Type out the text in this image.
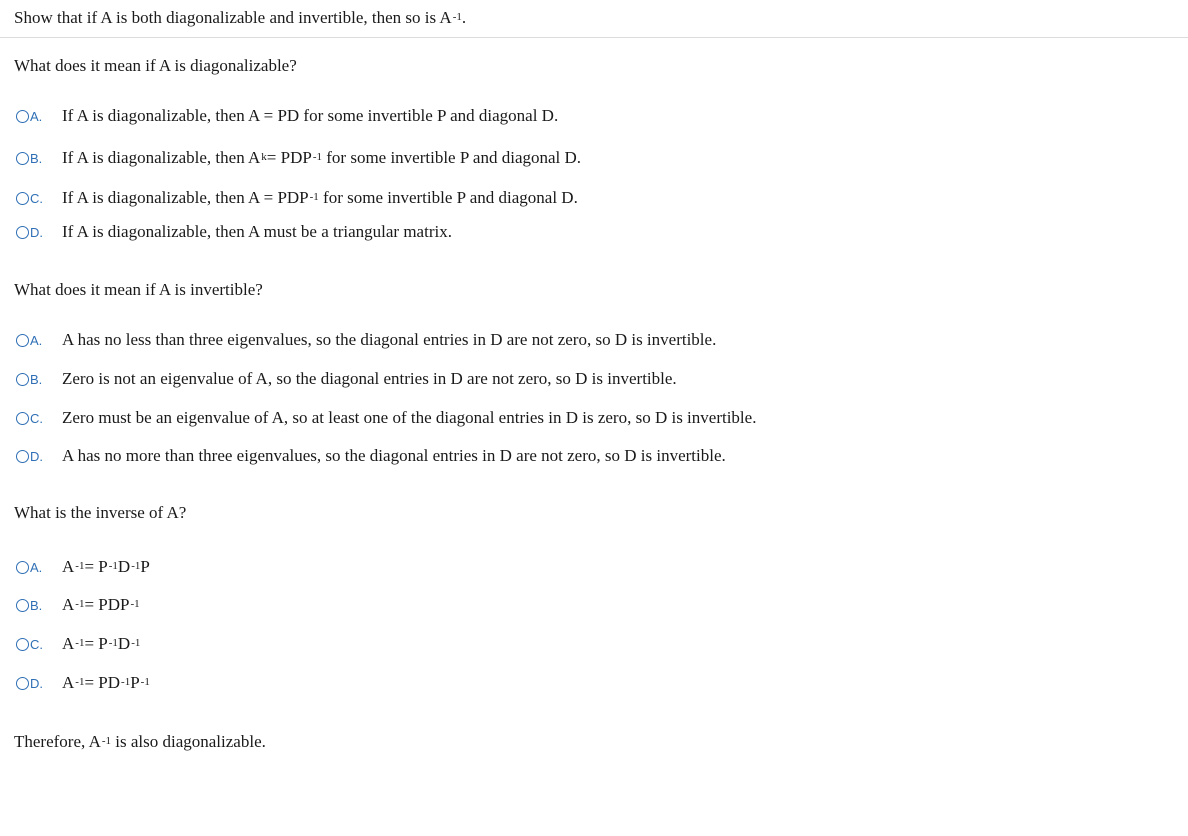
Show that if A is both diagonalizable and invertible, then so is $A^{-1}$.
What does it mean if A is diagonalizable?
A.	If A is diagonalizable, then A = PD for some invertible P and diagonal D.
B.	If A is diagonalizable, then $A^k= PDP^{-1}$ for some invertible P and diagonal D.
C.	If A is diagonalizable, then $A = PDP^{-1}$ for some invertible P and diagonal D.
D.	If A is diagonalizable, then A must be a triangular matrix.
What does it mean if A is invertible?
A.	A has no less than three eigenvalues, so the diagonal entries in D are not zero, so D is invertible.
B.	Zero is not an eigenvalue of A, so the diagonal entries in D are not zero, so D is invertible.
C.	Zero must be an eigenvalue of A, so at least one of the diagonal entries in D is zero, so D is invertible.
D.	A has no more than three eigenvalues, so the diagonal entries in D are not zero, so D is invertible.
What is the inverse of A?
A.	$A^{-1}= P^{-1}D^{-1}P$
B.	$A^{-1}= PDP^{-1}$
C.	$A^{-1}= P^{-1}D^{-1}$
D.	$A^{-1}= PD^{-1}P^{-1}$
Therefore, $A^{-1}$ is also diagonalizable.
